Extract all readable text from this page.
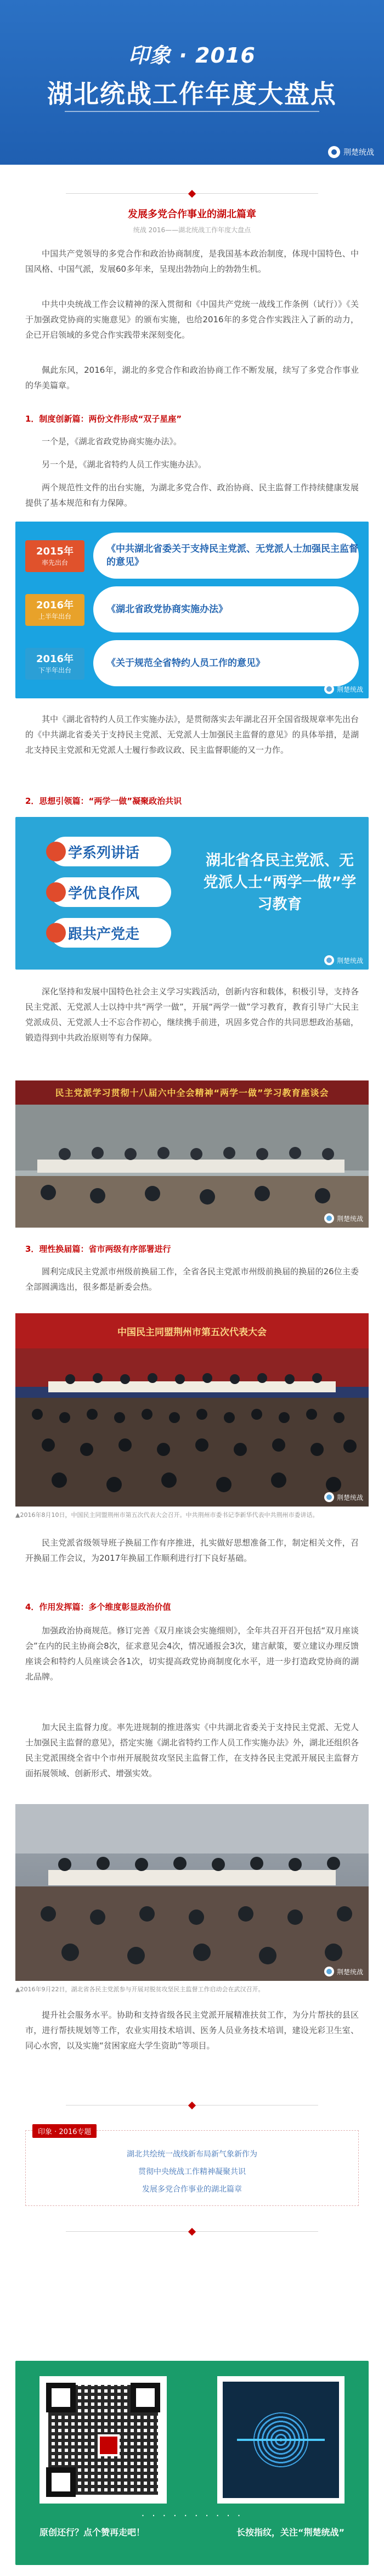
印象 · 2016
湖北统战工作年度大盘点
荆楚统战
发展多党合作事业的湖北篇章
统战 2016——湖北统战工作年度大盘点
中国共产党领导的多党合作和政治协商制度，是我国基本政治制度，体现中国特色、中国风格、中国气派，发展60多年来，呈现出勃勃向上的勃勃生机。
中共中央统战工作会议精神的深入贯彻和《中国共产党统一战线工作条例（试行）》《关于加强政党协商的实施意见》的颁布实施，也给2016年的多党合作实践注入了新的动力，企已开启领域的多党合作实践带来深刻变化。
佩此东风，2016年，湖北的多党合作和政治协商工作不断发展，续写了多党合作事业的华美篇章。
1．制度创新篇：两份文件形成“双子星座”
一个是，《湖北省政党协商实施办法》。
另一个是，《湖北省特约人员工作实施办法》。
两个规范性文件的出台实施，为湖北多党合作、政治协商、民主监督工作持续健康发展提供了基本规范和有力保障。
2015年
率先出台
《中共湖北省委关于支持民主党派、无党派人士加强民主监督的意见》
2016年
上半年出台
《湖北省政党协商实施办法》
2016年
下半年出台
《关于规范全省特约人员工作的意见》
荆楚统战
其中《湖北省特约人员工作实施办法》，是贯彻落实去年湖北召开全国省级规章率先出台的《中共湖北省委关于支持民主党派、无党派人士加强民主监督的意见》的具体举措，是湖北支持民主党派和无党派人士履行参政议政、民主监督职能的又一力作。
2．思想引领篇：“两学一做”凝聚政治共识
学系列讲话
学优良作风
跟共产党走
湖北省各民主党派、无党派人士“两学一做”学习教育
荆楚统战
深化坚持和发展中国特色社会主义学习实践活动，创新内容和载体，积极引导，支持各民主党派、无党派人士以持中共“两学一做”，开展“两学一做”学习教育，教育引导广大民主党派成员、无党派人士不忘合作初心，继续携手前进，巩固多党合作的共同思想政治基础，锻造得到中共政治原则等有力保障。
民主党派学习贯彻十八届六中全会精神“两学一做”学习教育座谈会
荆楚统战
3．理性换届篇：省市两级有序部署进行
圆利完成民主党派市州级前换届工作，全省各民主党派市州级前换届的换届的26位主委全部圆满选出，很多都是新委会热。
中国民主同盟荆州市第五次代表大会
荆楚统战
▲2016年8月10日，中国民主同盟荆州市第五次代表大会召开。中共荆州市委书记李新华代表中共荆州市委讲话。
民主党派省级领导班子换届工作有序推进，扎实做好思想准备工作，制定相关文件，召开换届工作会议，为2017年换届工作顺利进行打下良好基础。
4．作用发挥篇：多个维度彰显政治价值
加强政治协商规范。修订完善《双月座谈会实施细则》，全年共召开召开包括“双月座谈会”在内的民主协商会8次，征求意见会4次，情况通报会3次，建言献策，要立建议办理反馈座谈会和特约人员座谈会各1次，切实提高政党协商制度化水平，进一步打造政党协商的湖北品牌。
加大民主监督力度。率先进规制的推进落实《中共湖北省委关于支持民主党派、无党人士加强民主监督的意见》，搭定实施《湖北省特约工作人员工作实施办法》外，湖北还组织各民主党派围绕全省中个市州开展脱贫攻坚民主监督工作，在支持各民主党派开展民主监督方面拓展领域、创新形式、增强实效。
荆楚统战
▲2016年9月22日，湖北省各民主党派参与开展对脱贫攻坚民主监督工作启动会在武汉召开。
提升社会服务水平。协助和支持省级各民主党派开展精准扶贫工作，为分片帮扶的县区市，进行帮扶规划等工作，农业实用技术培训、医务人员业务技术培训，建设光彩卫生室、同心水窖，以及实施“贫困家庭大学生资助”等项目。
印象 · 2016专题
湖北共绘统一战线新布局新气象新作为
贯彻中央统战工作精神凝聚共识
发展多党合作事业的湖北篇章
· · · · · · · · · ·
原创还行？点个赞再走吧！	长按指纹，关注“荆楚统战”
